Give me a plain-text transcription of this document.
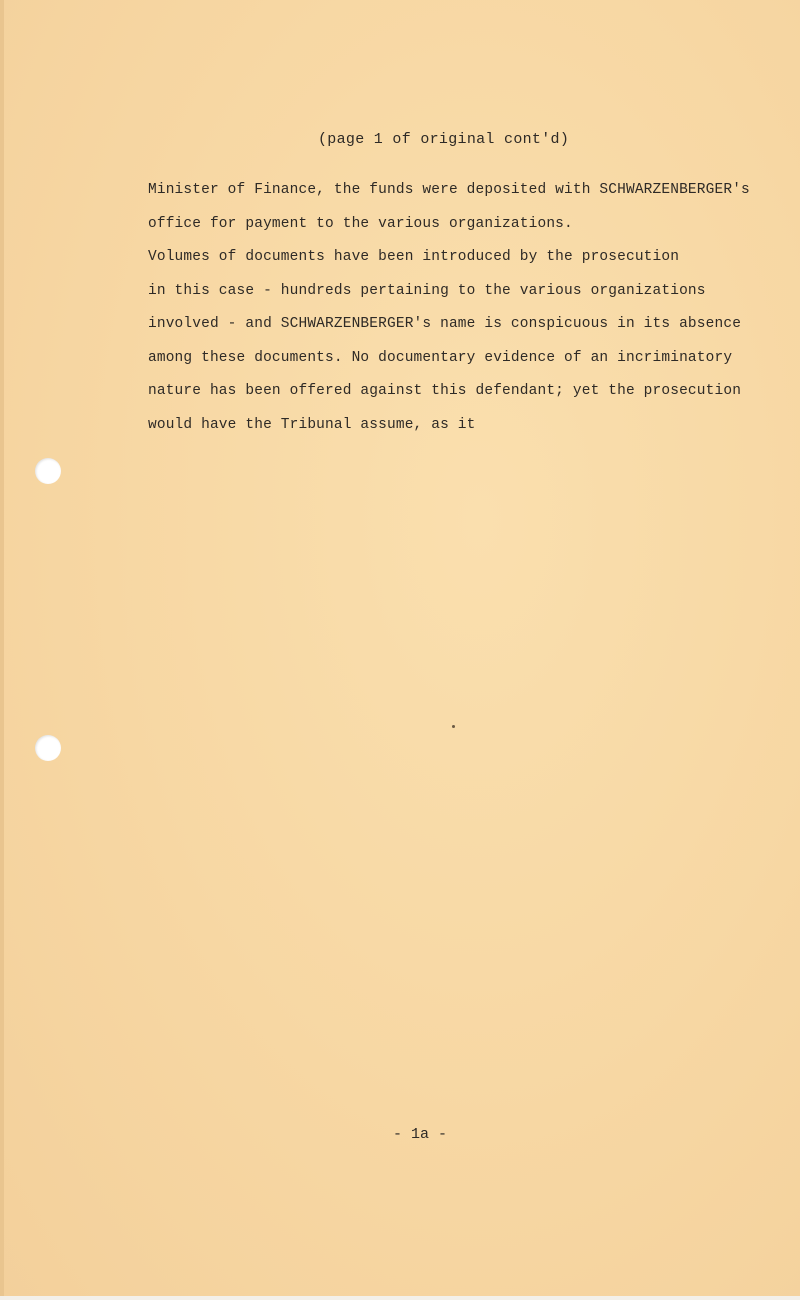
(page 1 of original cont'd)
Minister of Finance, the funds were deposited with SCHWARZENBERGER's
office for payment to the various organizations.
Volumes of documents have been introduced by the prosecution
in this case - hundreds pertaining to the various organizations
involved - and SCHWARZENBERGER's name is conspicuous in its absence
among these documents. No documentary evidence of an incriminatory
nature has been offered against this defendant; yet the prosecution
would have the Tribunal assume, as it
- 1a -
